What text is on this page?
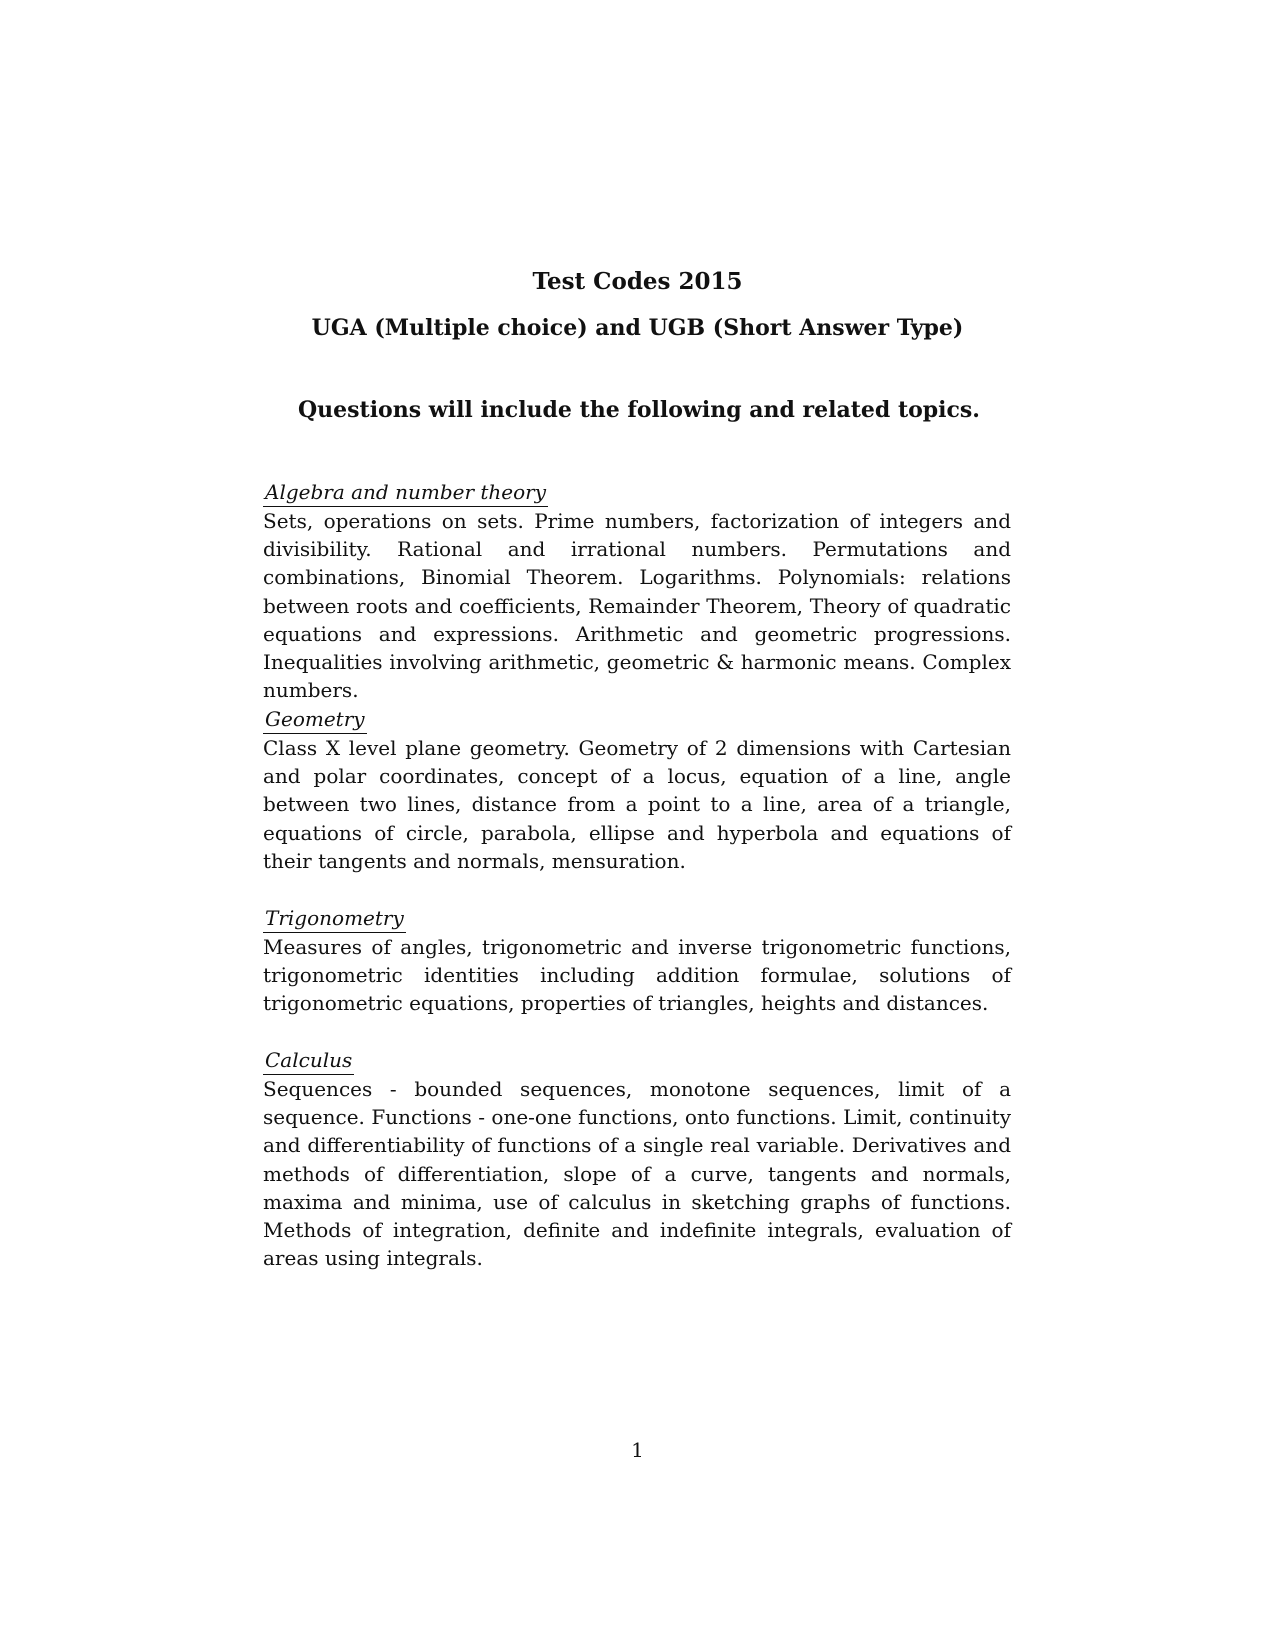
Test Codes 2015
UGA (Multiple choice) and UGB (Short Answer Type)
Questions will include the following and related topics.
Algebra and number theory

Sets, operations on sets. Prime numbers, factorization of integers and divisibility. Rational and irrational numbers. Permutations and combinations, Binomial Theorem. Logarithms. Polynomials: relations between roots and coefficients, Remainder Theorem, Theory of quadratic equations and expressions. Arithmetic and geometric progressions. Inequalities involving arithmetic, geometric & harmonic means. Complex numbers.

Geometry

Class X level plane geometry. Geometry of 2 dimensions with Cartesian and polar coordinates, concept of a locus, equation of a line, angle between two lines, distance from a point to a line, area of a triangle, equations of circle, parabola, ellipse and hyperbola and equations of their tangents and normals, mensuration.

Trigonometry

Measures of angles, trigonometric and inverse trigonometric functions, trigonometric identities including addition formulae, solutions of trigonometric equations, properties of triangles, heights and distances.

Calculus

Sequences - bounded sequences, monotone sequences, limit of a sequence. Functions - one-one functions, onto functions. Limit, continuity and differentiability of functions of a single real variable. Derivatives and methods of differentiation, slope of a curve, tangents and normals, maxima and minima, use of calculus in sketching graphs of functions. Methods of integration, definite and indefinite integrals, evaluation of areas using integrals.

1
